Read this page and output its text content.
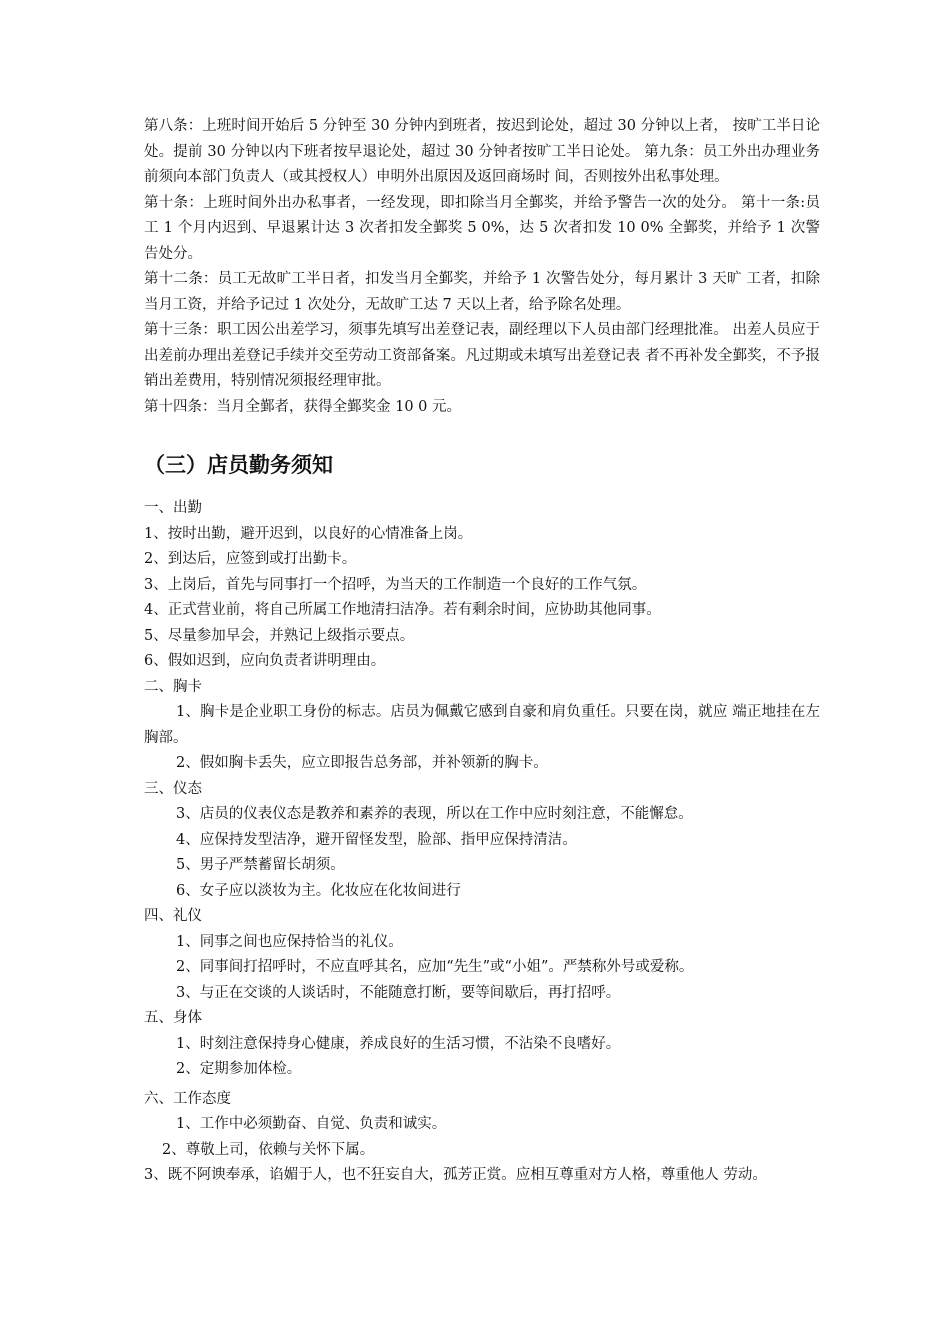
第八条：上班时间开始后 5 分钟至 30 分钟内到班者，按迟到论处，超过 30 分钟以上者， 按旷工半日论处。提前 30 分钟以内下班者按早退论处，超过 30 分钟者按旷工半日论处。 第九条：员工外出办理业务前须向本部门负责人（或其授权人）申明外出原因及返回商场时 间，否则按外出私事处理。

第十条：上班时间外出办私事者，一经发现，即扣除当月全鄞奖，并给予警告一次的处分。 第十一条:员工 1 个月内迟到、早退累计达 3 次者扣发全鄞奖 5 0%，达 5 次者扣发 10 0% 全鄞奖，并给予 1 次警告处分。

第十二条：员工无故旷工半日者，扣发当月全鄞奖，并给予 1 次警告处分，每月累计 3 天旷 工者，扣除当月工资，并给予记过 1 次处分，无故旷工达 7 天以上者，给予除名处理。

第十三条：职工因公出差学习，须事先填写出差登记表，副经理以下人员由部门经理批准。 出差人员应于出差前办理出差登记手续并交至劳动工资部备案。凡过期或未填写出差登记表 者不再补发全鄞奖，不予报销出差费用，特别情况须报经理审批。

第十四条：当月全鄞者，获得全鄞奖金 10 0 元。

（三）店员勤务须知

一、出勤

1、按时出勤，避开迟到，以良好的心情准备上岗。

2、到达后，应签到或打出勤卡。

3、上岗后，首先与同事打一个招呼，为当天的工作制造一个良好的工作气氛。

4、正式营业前，将自己所属工作地清扫洁净。若有剩余时间，应协助其他同事。

5、尽量参加早会，并熟记上级指示要点。

6、假如迟到，应向负责者讲明理由。

二、胸卡

1、胸卡是企业职工身份的标志。店员为佩戴它感到自豪和肩负重任。只要在岗，就应 端正地挂在左胸部。

2、假如胸卡丢失，应立即报告总务部，并补领新的胸卡。

三、仪态

3、店员的仪表仪态是教养和素养的表现，所以在工作中应时刻注意，不能懈怠。

4、应保持发型洁净，避开留怪发型，脸部、指甲应保持清洁。

5、男子严禁蓄留长胡须。

6、女子应以淡妆为主。化妆应在化妆间进行

四、礼仪

1、同事之间也应保持恰当的礼仪。

2、同事间打招呼时，不应直呼其名，应加“先生”或“小姐”。严禁称外号或爱称。

3、与正在交谈的人谈话时，不能随意打断，要等间歇后，再打招呼。

五、身体

1、时刻注意保持身心健康，养成良好的生活习惯，不沾染不良嗜好。

2、定期参加体检。

六、工作态度

1、工作中必须勤奋、自觉、负责和诚实。

2、尊敬上司，依赖与关怀下属。

3、既不阿谀奉承，谄媚于人，也不狂妄自大，孤芳正赏。应相互尊重对方人格，尊重他人 劳动。
